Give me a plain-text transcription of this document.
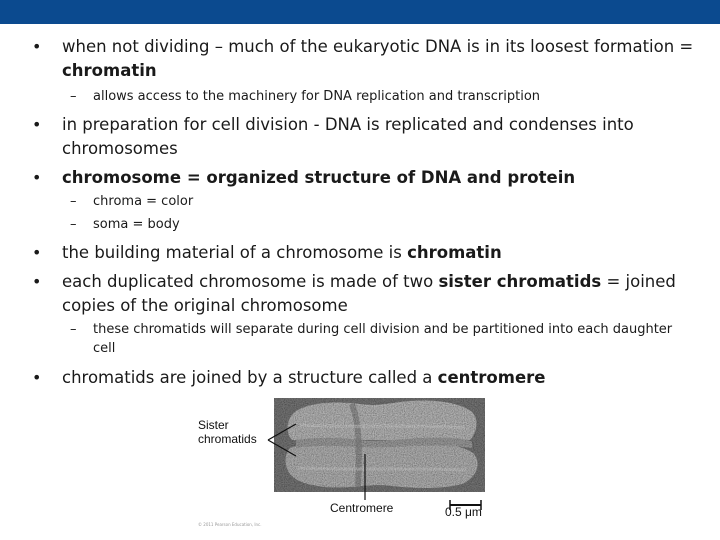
• when not dividing – much of the eukaryotic DNA is in its loosest formation =
chromatin
– allows access to the machinery for DNA replication and transcription
• in preparation for cell division - DNA is replicated and condenses into
chromosomes
• chromosome = organized structure of DNA and protein
– chroma = color
– soma = body
• the building material of a chromosome is chromatin
• each duplicated chromosome is made of two sister chromatids = joined
copies of the original chromosome
– these chromatids will separate during cell division and be partitioned into each daughter
cell
• chromatids are joined by a structure called a centromere
Sister
chromatids
Centromere	0.5 μm
© 2011 Pearson Education, Inc.
